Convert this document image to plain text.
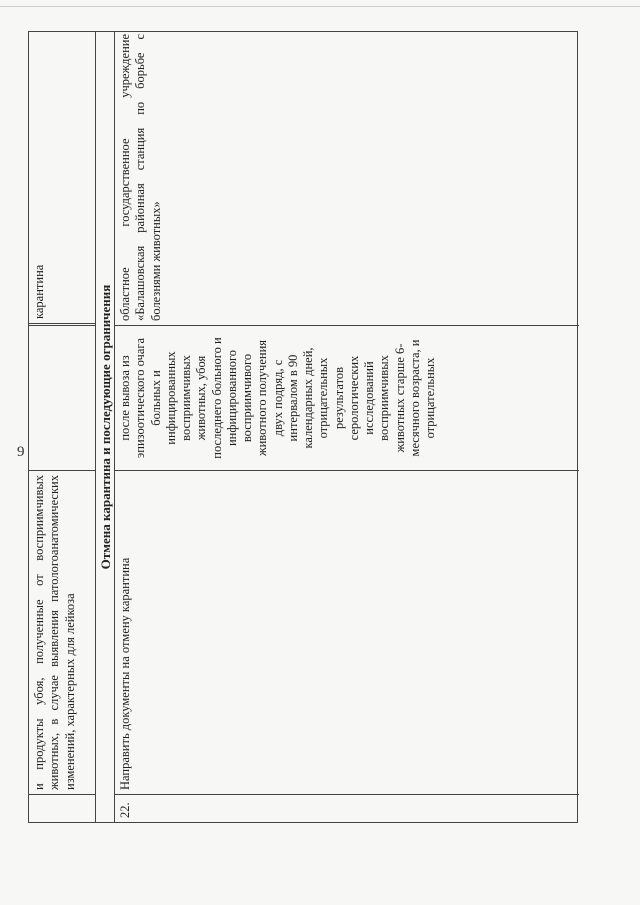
9
и продукты убоя, полученные от восприимчивых животных, в случае выявления патологоанатомических изменений, характерных для лейкоза
карантина	Отмена карантина и последующие ограничения
22.
Направить документы на отмену карантина
после вывоза из эпизоотического очага больных и инфицированных восприимчивых животных, убоя последнего больного и инфицированного восприимчивого животного получения двух подряд, с интервалом в 90 календарных дней, отрицательных результатов серологических исследований восприимчивых животных старше 6-месячного возраста, и отрицательных
областное государственное учреждение «Балашовская районная станция по борьбе с болезнями животных»
